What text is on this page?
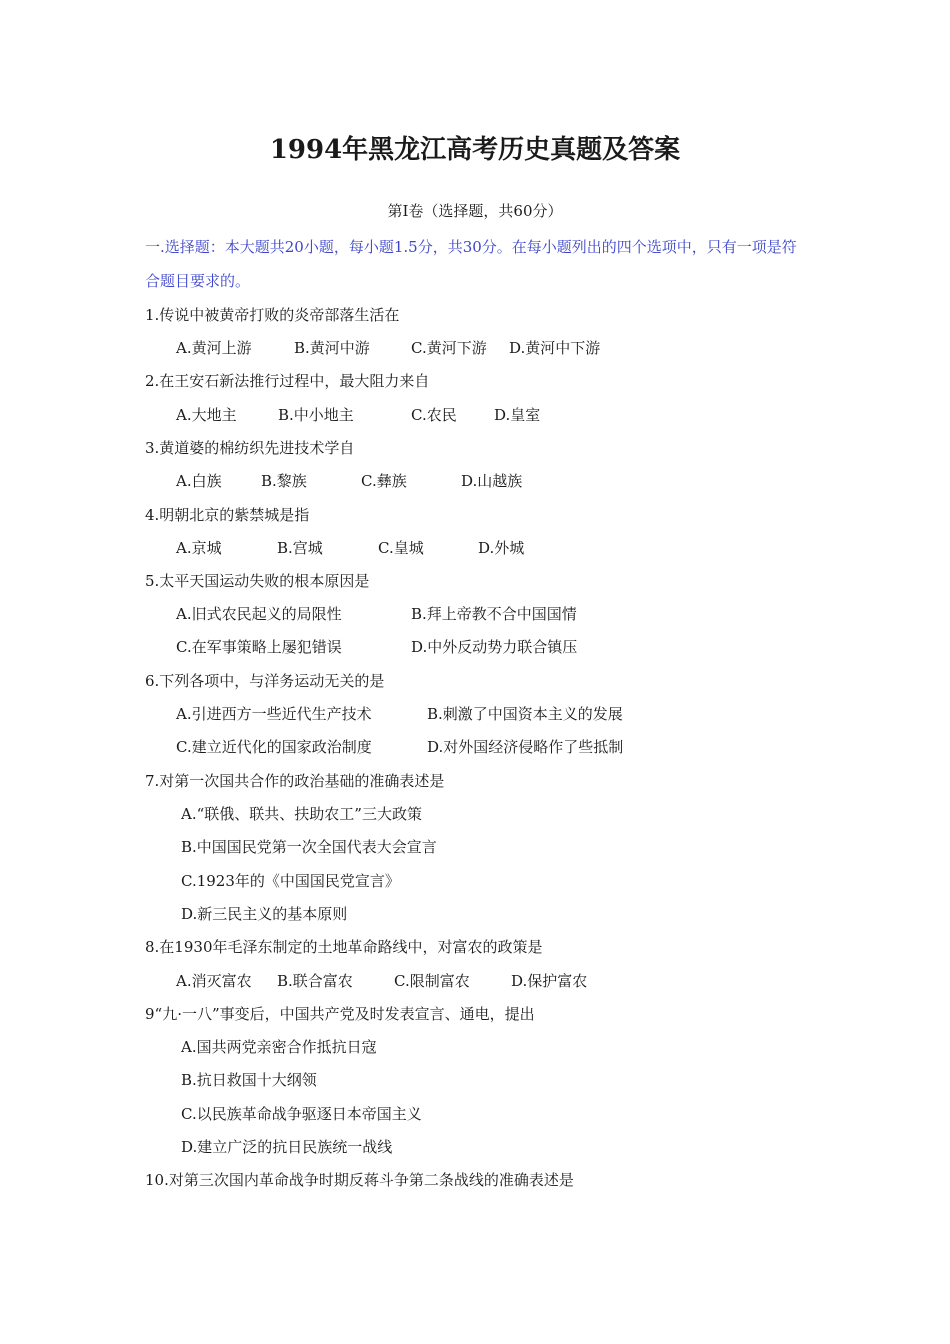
1994年黑龙江高考历史真题及答案
第Ⅰ卷（选择题，共60分）
一.选择题：本大题共20小题，每小题1.5分，共30分。在每小题列出的四个选项中，只有一项是符合题目要求的。
1.传说中被黄帝打败的炎帝部落生活在
A.黄河上游	B.黄河中游	C.黄河下游 D.黄河中下游
2.在王安石新法推行过程中，最大阻力来自
A.大地主	B.中小地主	C.农民 D.皇室
3.黄道婆的棉纺织先进技术学自
A.白族	B.黎族	C.彝族	D.山越族
4.明朝北京的紫禁城是指
A.京城	B.宫城	C.皇城	D.外城
5.太平天国运动失败的根本原因是
A.旧式农民起义的局限性	B.拜上帝教不合中国国情
C.在军事策略上屡犯错误	D.中外反动势力联合镇压
6.下列各项中，与洋务运动无关的是
A.引进西方一些近代生产技术	B.刺激了中国资本主义的发展
C.建立近代化的国家政治制度	D.对外国经济侵略作了些抵制
7.对第一次国共合作的政治基础的准确表述是
A.“联俄、联共、扶助农工”三大政策
B.中国国民党第一次全国代表大会宣言
C.1923年的《中国国民党宣言》
D.新三民主义的基本原则
8.在1930年毛泽东制定的土地革命路线中，对富农的政策是
A.消灭富农 B.联合富农	C.限制富农	D.保护富农
9“九·一八”事变后，中国共产党及时发表宣言、通电，提出
A.国共两党亲密合作抵抗日寇
B.抗日救国十大纲领
C.以民族革命战争驱逐日本帝国主义
D.建立广泛的抗日民族统一战线
10.对第三次国内革命战争时期反蒋斗争第二条战线的准确表述是
